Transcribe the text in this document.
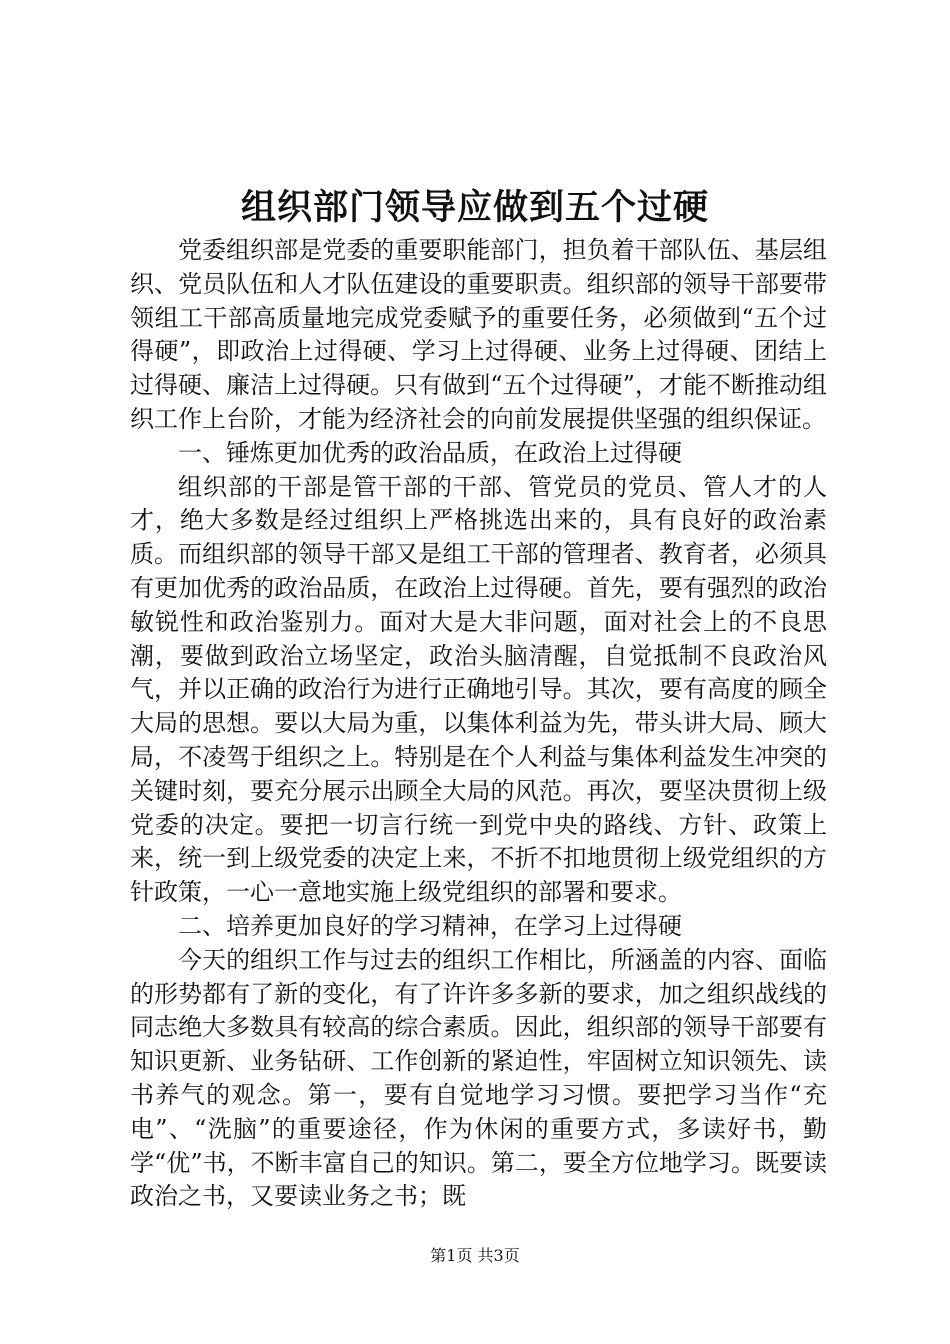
组织部门领导应做到五个过硬

党委组织部是党委的重要职能部门，担负着干部队伍、基层组织、党员队伍和人才队伍建设的重要职责。组织部的领导干部要带领组工干部高质量地完成党委赋予的重要任务，必须做到“五个过得硬”，即政治上过得硬、学习上过得硬、业务上过得硬、团结上过得硬、廉洁上过得硬。只有做到“五个过得硬”，才能不断推动组织工作上台阶，才能为经济社会的向前发展提供坚强的组织保证。

一、锤炼更加优秀的政治品质，在政治上过得硬

组织部的干部是管干部的干部、管党员的党员、管人才的人才，绝大多数是经过组织上严格挑选出来的，具有良好的政治素质。而组织部的领导干部又是组工干部的管理者、教育者，必须具有更加优秀的政治品质，在政治上过得硬。首先，要有强烈的政治敏锐性和政治鉴别力。面对大是大非问题，面对社会上的不良思潮，要做到政治立场坚定，政治头脑清醒，自觉抵制不良政治风气，并以正确的政治行为进行正确地引导。其次，要有高度的顾全大局的思想。要以大局为重，以集体利益为先，带头讲大局、顾大局，不凌驾于组织之上。特别是在个人利益与集体利益发生冲突的关键时刻，要充分展示出顾全大局的风范。再次，要坚决贯彻上级党委的决定。要把一切言行统一到党中央的路线、方针、政策上来，统一到上级党委的决定上来，不折不扣地贯彻上级党组织的方针政策，一心一意地实施上级党组织的部署和要求。

二、培养更加良好的学习精神，在学习上过得硬

今天的组织工作与过去的组织工作相比，所涵盖的内容、面临的形势都有了新的变化，有了许许多多新的要求，加之组织战线的同志绝大多数具有较高的综合素质。因此，组织部的领导干部要有知识更新、业务钻研、工作创新的紧迫性，牢固树立知识领先、读书养气的观念。第一，要有自觉地学习习惯。要把学习当作“充电”、“洗脑”的重要途径，作为休闲的重要方式，多读好书，勤学“优”书，不断丰富自己的知识。第二，要全方位地学习。既要读政治之书，又要读业务之书；既

第1页 共3页
